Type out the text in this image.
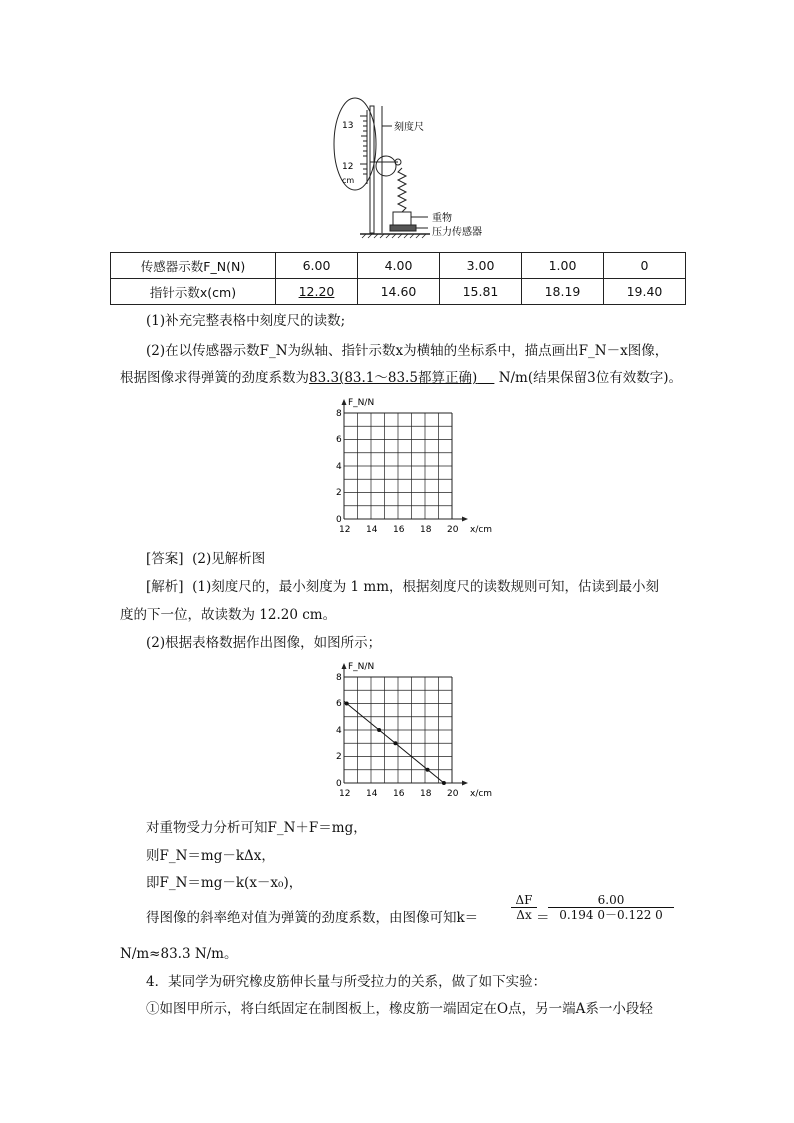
13
12
cm
刻度尺
重物
压力传感器
传感器示数F_N(N)	6.00	4.00	3.00	1.00	0
指针示数x(cm)	12.20	14.60	15.81	18.19	19.40
(1)补充完整表格中刻度尺的读数;
(2)在以传感器示数F_N为纵轴、指针示数x为横轴的坐标系中，描点画出F_N－x图像，
根据图像求得弹簧的劲度系数为83.3(83.1～83.5都算正确) N/m(结果保留3位有效数字)。
F_N/N
x/cm
8
6
4
2
0
12 14 16 18 20
[答案] (2)见解析图
[解析] (1)刻度尺的，最小刻度为 1 mm，根据刻度尺的读数规则可知，估读到最小刻
度的下一位，故读数为 12.20 cm。
(2)根据表格数据作出图像，如图所示；
F_N/N
x/cm
8
6
4
2
0
12 14 16 18 20
对重物受力分析可知F_N＋F＝mg，
则F_N＝mg－kΔx，
即F_N＝mg－k(x－x₀)，
得图像的斜率绝对值为弹簧的劲度系数，由图像可知k＝	$\frac{\Delta F}{\Delta x}$ ＝
$\frac{6.00}{0.194 0-0.122 0}$
N/m≈83.3 N/m。
4．某同学为研究橡皮筋伸长量与所受拉力的关系，做了如下实验：
①如图甲所示，将白纸固定在制图板上，橡皮筋一端固定在O点，另一端A系一小段轻
